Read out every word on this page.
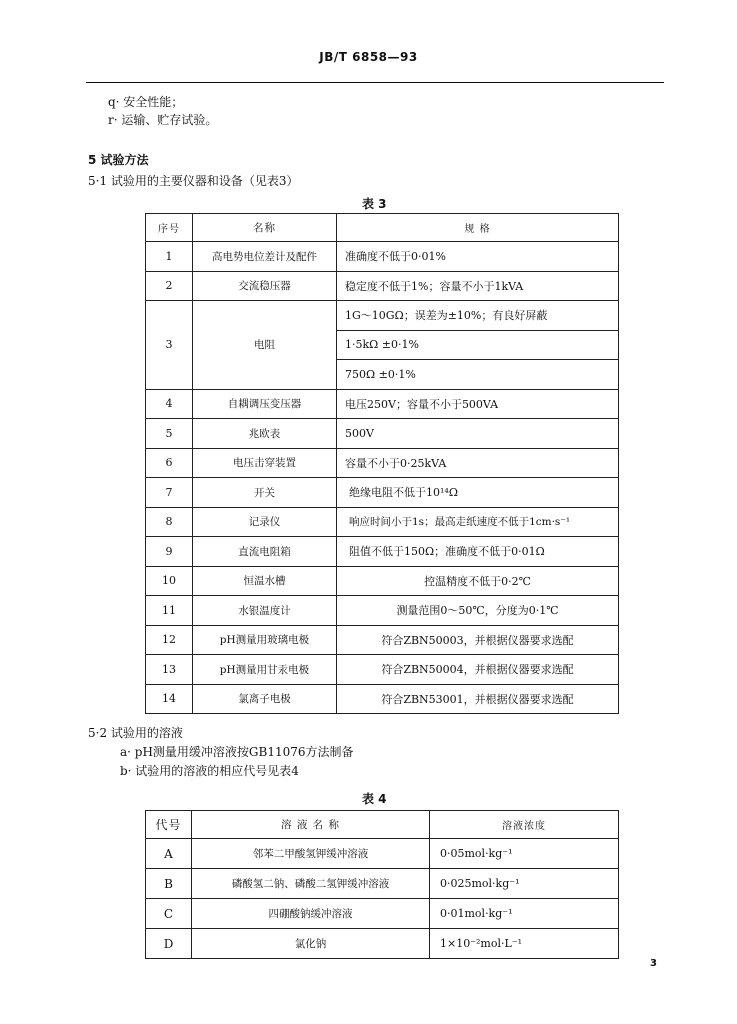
JB/T 6858—93
q· 安全性能；
r· 运输、贮存试验。
5 试验方法
5·1 试验用的主要仪器和设备（见表3）
表 3
序号	名称	规 格
1	高电势电位差计及配件	准确度不低于0·01%
2	交流稳压器	稳定度不低于1%；容量不小于1kVA
3	电阻	1G～10GΩ；误差为±10%；有良好屏蔽
		1·5kΩ ±0·1%
		750Ω ±0·1%
4	自耦调压变压器	电压250V；容量不小于500VA
5	兆欧表	500V
6	电压击穿装置	容量不小于0·25kVA
7	开关	绝缘电阻不低于10¹⁴Ω
8	记录仪	响应时间小于1s；最高走纸速度不低于1cm·s⁻¹
9	直流电阻箱	阻值不低于150Ω；准确度不低于0·01Ω
10	恒温水槽	控温精度不低于0·2℃
11	水银温度计	测量范围0～50℃，分度为0·1℃
12	pH测量用玻璃电极	符合ZBN50003，并根据仪器要求选配
13	pH测量用甘汞电极	符合ZBN50004，并根据仪器要求选配
14	氯离子电极	符合ZBN53001，并根据仪器要求选配
5·2 试验用的溶液
a· pH测量用缓冲溶液按GB11076方法制备
b· 试验用的溶液的相应代号见表4
表 4
代号	溶 液 名 称	溶液浓度
A	邻苯二甲酸氢钾缓冲溶液	0·05mol·kg⁻¹
B	磷酸氢二钠、磷酸二氢钾缓冲溶液	0·025mol·kg⁻¹
C	四硼酸钠缓冲溶液	0·01mol·kg⁻¹
D	氯化钠	1×10⁻²mol·L⁻¹
3
